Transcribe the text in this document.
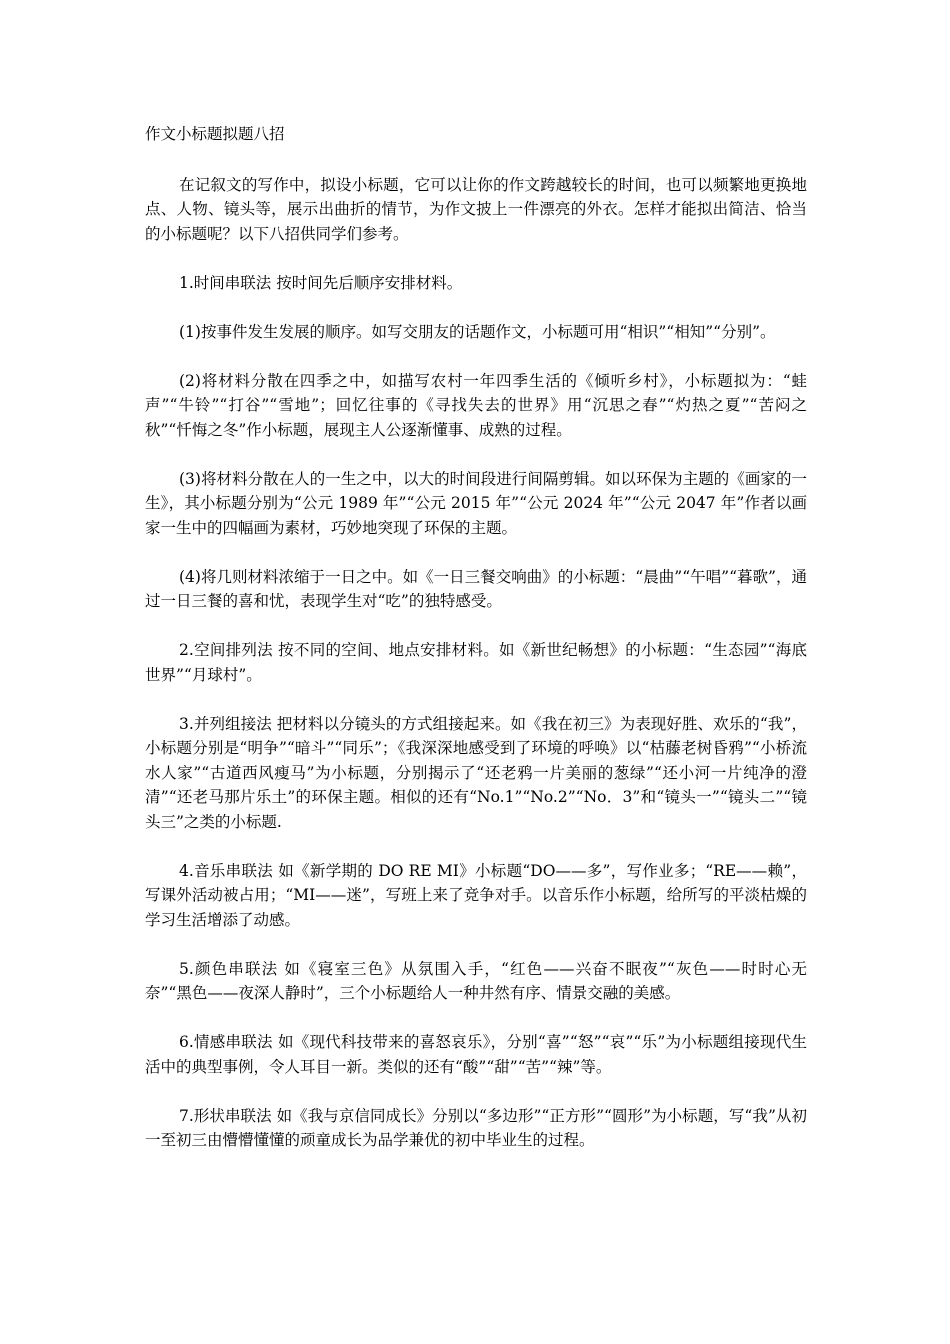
作文小标题拟题八招

在记叙文的写作中，拟设小标题，它可以让你的作文跨越较长的时间，也可以频繁地更换地点、人物、镜头等，展示出曲折的情节，为作文披上一件漂亮的外衣。怎样才能拟出简洁、恰当的小标题呢？以下八招供同学们参考。

1.时间串联法 按时间先后顺序安排材料。

(1)按事件发生发展的顺序。如写交朋友的话题作文，小标题可用“相识”“相知”“分别”。

(2)将材料分散在四季之中，如描写农村一年四季生活的《倾听乡村》，小标题拟为：“蛙声”“牛铃”“打谷”“雪地”；回忆往事的《寻找失去的世界》用“沉思之春”“灼热之夏”“苦闷之秋”“忏悔之冬”作小标题，展现主人公逐渐懂事、成熟的过程。

(3)将材料分散在人的一生之中，以大的时间段进行间隔剪辑。如以环保为主题的《画家的一生》，其小标题分别为“公元 1989 年”“公元 2015 年”“公元 2024 年”“公元 2047 年”作者以画家一生中的四幅画为素材，巧妙地突现了环保的主题。

(4)将几则材料浓缩于一日之中。如《一日三餐交响曲》的小标题：“晨曲”“午唱”“暮歌”，通过一日三餐的喜和忧，表现学生对“吃”的独特感受。

2.空间排列法 按不同的空间、地点安排材料。如《新世纪畅想》的小标题：“生态园”“海底世界”“月球村”。

3.并列组接法 把材料以分镜头的方式组接起来。如《我在初三》为表现好胜、欢乐的“我”，小标题分别是“明争”“暗斗”“同乐”；《我深深地感受到了环境的呼唤》以“枯藤老树昏鸦”“小桥流水人家”“古道西风瘦马”为小标题，分别揭示了“还老鸦一片美丽的葱绿”“还小河一片纯净的澄清”“还老马那片乐土”的环保主题。相似的还有“No.1”“No.2”“No．3”和“镜头一”“镜头二”“镜头三”之类的小标题.

4.音乐串联法 如《新学期的 DO RE MI》小标题“DO——多”，写作业多；“RE——赖”，写课外活动被占用；“MI——迷”，写班上来了竞争对手。以音乐作小标题，给所写的平淡枯燥的学习生活增添了动感。

5.颜色串联法 如《寝室三色》从氛围入手，“红色——兴奋不眠夜”“灰色——时时心无奈”“黑色——夜深人静时”，三个小标题给人一种井然有序、情景交融的美感。

6.情感串联法 如《现代科技带来的喜怒哀乐》，分别“喜”“怒”“哀”“乐”为小标题组接现代生活中的典型事例，令人耳目一新。类似的还有“酸”“甜”“苦”“辣”等。

7.形状串联法 如《我与京信同成长》分别以“多边形”“正方形”“圆形”为小标题，写“我”从初一至初三由懵懵懂懂的顽童成长为品学兼优的初中毕业生的过程。
